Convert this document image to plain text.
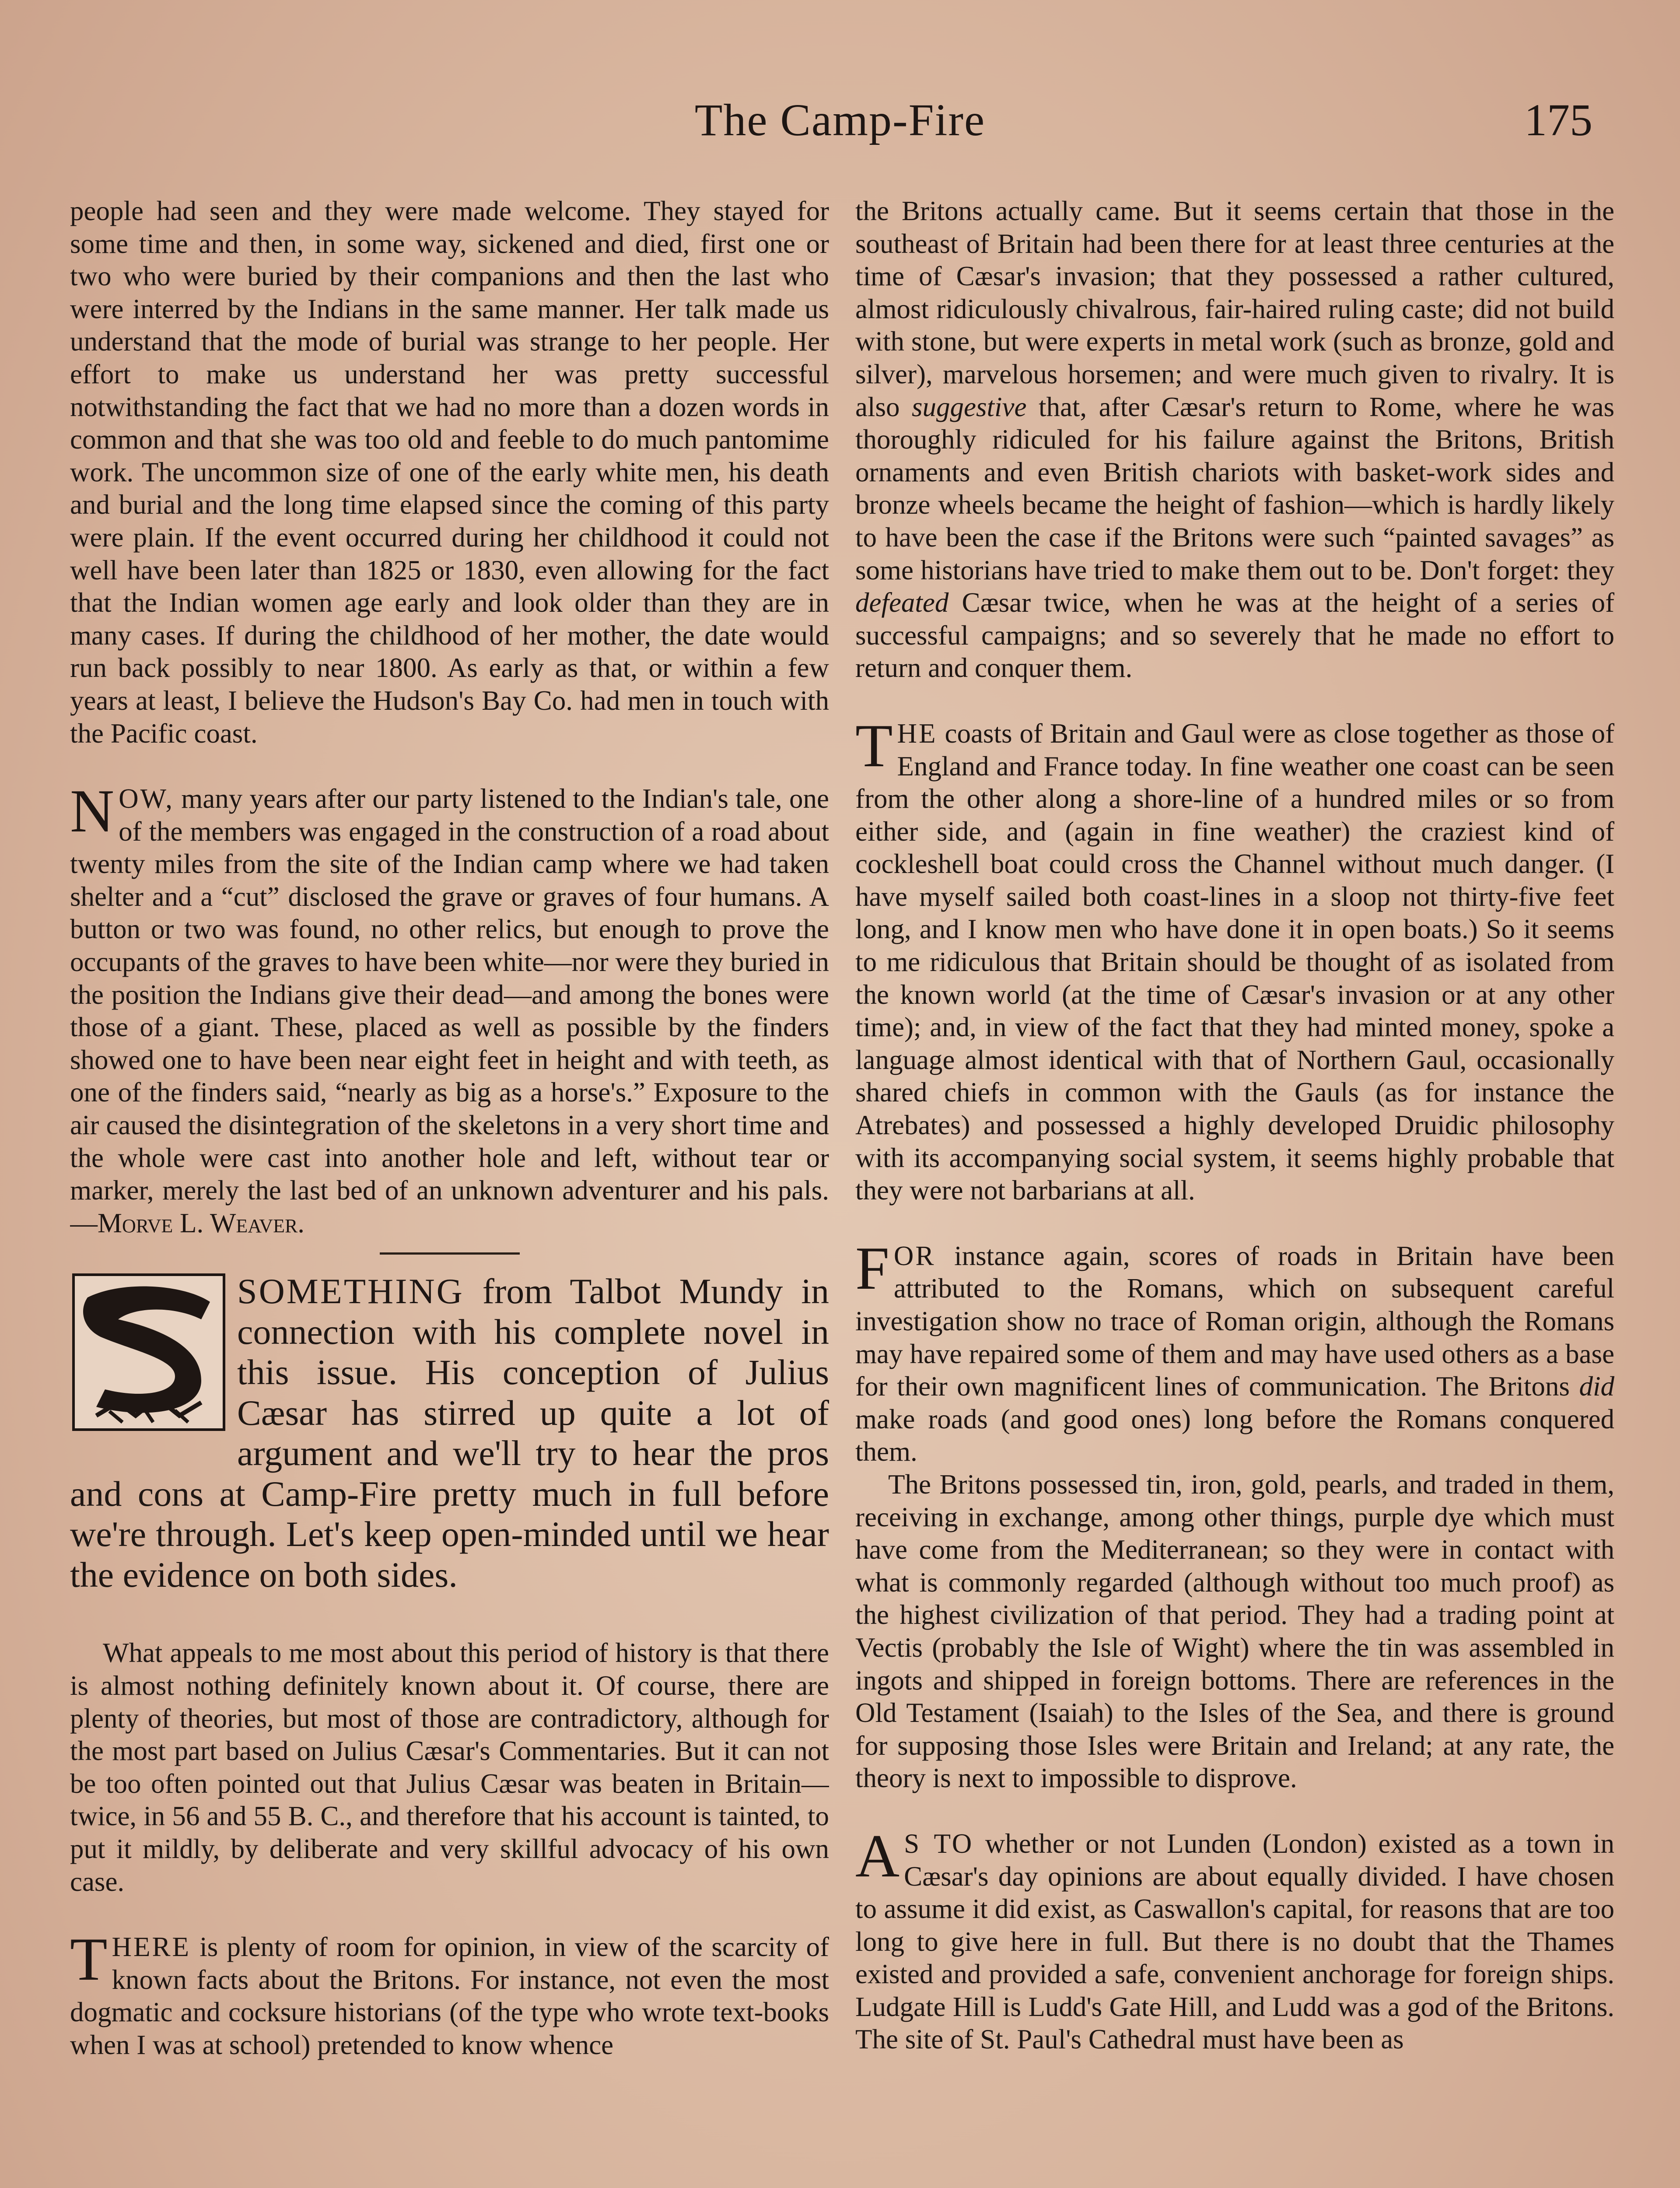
The Camp-Fire	175

people had seen and they were made welcome. They stayed for some time and then, in some way, sickened and died, first one or two who were buried by their companions and then the last who were interred by the Indians in the same manner. Her talk made us understand that the mode of burial was strange to her people. Her effort to make us understand her was pretty successful notwithstanding the fact that we had no more than a dozen words in common and that she was too old and feeble to do much pantomime work. The uncommon size of one of the early white men, his death and burial and the long time elapsed since the coming of this party were plain. If the event occurred during her childhood it could not well have been later than 1825 or 1830, even allowing for the fact that the Indian women age early and look older than they are in many cases. If during the childhood of her mother, the date would run back possibly to near 1800. As early as that, or within a few years at least, I believe the Hudson's Bay Co. had men in touch with the Pacific coast.

NOW, many years after our party listened to the Indian's tale, one of the members was engaged in the construction of a road about twenty miles from the site of the Indian camp where we had taken shelter and a “cut” disclosed the grave or graves of four humans. A button or two was found, no other relics, but enough to prove the occupants of the graves to have been white—nor were they buried in the position the Indians give their dead—and among the bones were those of a giant. These, placed as well as possible by the finders showed one to have been near eight feet in height and with teeth, as one of the finders said, “nearly as big as a horse's.” Exposure to the air caused the disintegration of the skeletons in a very short time and the whole were cast into another hole and left, without tear or marker, merely the last bed of an unknown adventurer and his pals. —Morve L. Weaver.

SOMETHING from Talbot Mundy in connection with his complete novel in this issue. His conception of Julius Cæsar has stirred up quite a lot of argument and we'll try to hear the pros and cons at Camp-Fire pretty much in full before we're through. Let's keep open-minded until we hear the evidence on both sides.

What appeals to me most about this period of history is that there is almost nothing definitely known about it. Of course, there are plenty of theories, but most of those are contradictory, although for the most part based on Julius Cæsar's Commentaries. But it can not be too often pointed out that Julius Cæsar was beaten in Britain—twice, in 56 and 55 B. C., and therefore that his account is tainted, to put it mildly, by deliberate and very skillful advocacy of his own case.

THERE is plenty of room for opinion, in view of the scarcity of known facts about the Britons. For instance, not even the most dogmatic and cocksure historians (of the type who wrote text-books when I was at school) pretended to know whence

the Britons actually came. But it seems certain that those in the southeast of Britain had been there for at least three centuries at the time of Cæsar's invasion; that they possessed a rather cultured, almost ridiculously chivalrous, fair-haired ruling caste; did not build with stone, but were experts in metal work (such as bronze, gold and silver), marvelous horsemen; and were much given to rivalry. It is also suggestive that, after Cæsar's return to Rome, where he was thoroughly ridiculed for his failure against the Britons, British ornaments and even British chariots with basket-work sides and bronze wheels became the height of fashion—which is hardly likely to have been the case if the Britons were such “painted savages” as some historians have tried to make them out to be. Don't forget: they defeated Cæsar twice, when he was at the height of a series of successful campaigns; and so severely that he made no effort to return and conquer them.

THE coasts of Britain and Gaul were as close together as those of England and France today. In fine weather one coast can be seen from the other along a shore-line of a hundred miles or so from either side, and (again in fine weather) the craziest kind of cockleshell boat could cross the Channel without much danger. (I have myself sailed both coast-lines in a sloop not thirty-five feet long, and I know men who have done it in open boats.) So it seems to me ridiculous that Britain should be thought of as isolated from the known world (at the time of Cæsar's invasion or at any other time); and, in view of the fact that they had minted money, spoke a language almost identical with that of Northern Gaul, occasionally shared chiefs in common with the Gauls (as for instance the Atrebates) and possessed a highly developed Druidic philosophy with its accompanying social system, it seems highly probable that they were not barbarians at all.

FOR instance again, scores of roads in Britain have been attributed to the Romans, which on subsequent careful investigation show no trace of Roman origin, although the Romans may have repaired some of them and may have used others as a base for their own magnificent lines of communication. The Britons did make roads (and good ones) long before the Romans conquered them.

The Britons possessed tin, iron, gold, pearls, and traded in them, receiving in exchange, among other things, purple dye which must have come from the Mediterranean; so they were in contact with what is commonly regarded (although without too much proof) as the highest civilization of that period. They had a trading point at Vectis (probably the Isle of Wight) where the tin was assembled in ingots and shipped in foreign bottoms. There are references in the Old Testament (Isaiah) to the Isles of the Sea, and there is ground for supposing those Isles were Britain and Ireland; at any rate, the theory is next to impossible to disprove.

A S TO whether or not Lunden (London) existed as a town in Cæsar's day opinions are about equally divided. I have chosen to assume it did exist, as Caswallon's capital, for reasons that are too long to give here in full. But there is no doubt that the Thames existed and provided a safe, convenient anchorage for foreign ships. Ludgate Hill is Ludd's Gate Hill, and Ludd was a god of the Britons. The site of St. Paul's Cathedral must have been as
